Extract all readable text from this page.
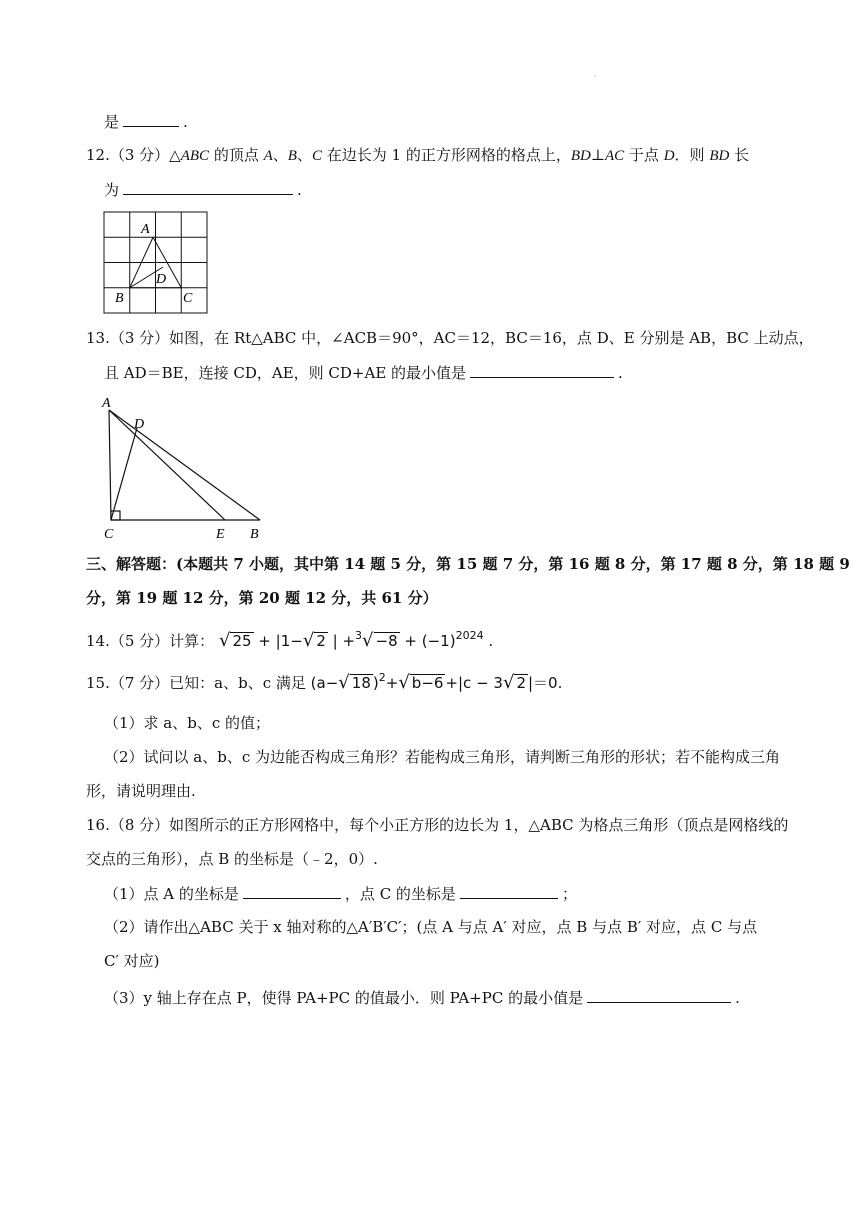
·
是	.
12.（3 分）△ABC 的顶点 A、B、C 在边长为 1 的正方形网格的格点上，BD⊥AC 于点 D．则 BD 长
为	.
A
D
B	C
13.（3 分）如图，在 Rt△ABC 中，∠ACB＝90°，AC＝12，BC＝16，点 D、E 分别是 AB，BC 上动点，
且 AD＝BE，连接 CD，AE，则 CD+AE 的最小值是	.
A
D
C	E B
三、解答题：(本题共 7 小题，其中第 14 题 5 分，第 15 题 7 分，第 16 题 8 分，第 17 题 8 分，第 18 题 9
分，第 19 题 12 分，第 20 题 12 分，共 61 分）
14.（5 分）计算： √ 25 + |1−√ 2 | $+^3√ -8 + (-1)^{2024}$ .
15.（7 分）已知：a、b、c 满足 (a−√ 18 )$^2$+√ b−6 +|c − 3√ 2 |＝0.
（1）求 a、b、c 的值；
（2）试问以 a、b、c 为边能否构成三角形？若能构成三角形，请判断三角形的形状；若不能构成三角
形，请说明理由.
16.（8 分）如图所示的正方形网格中，每个小正方形的边长为 1，△ABC 为格点三角形（顶点是网格线的
交点的三角形），点 B 的坐标是（﹣2，0）.
（1）点 A 的坐标是	，点 C 的坐标是	；
（2）请作出△ABC 关于 x 轴对称的△A′B′C′；(点 A 与点 A′ 对应，点 B 与点 B′ 对应，点 C 与点
C′ 对应)
（3）y 轴上存在点 P，使得 PA+PC 的值最小．则 PA+PC 的最小值是	.
